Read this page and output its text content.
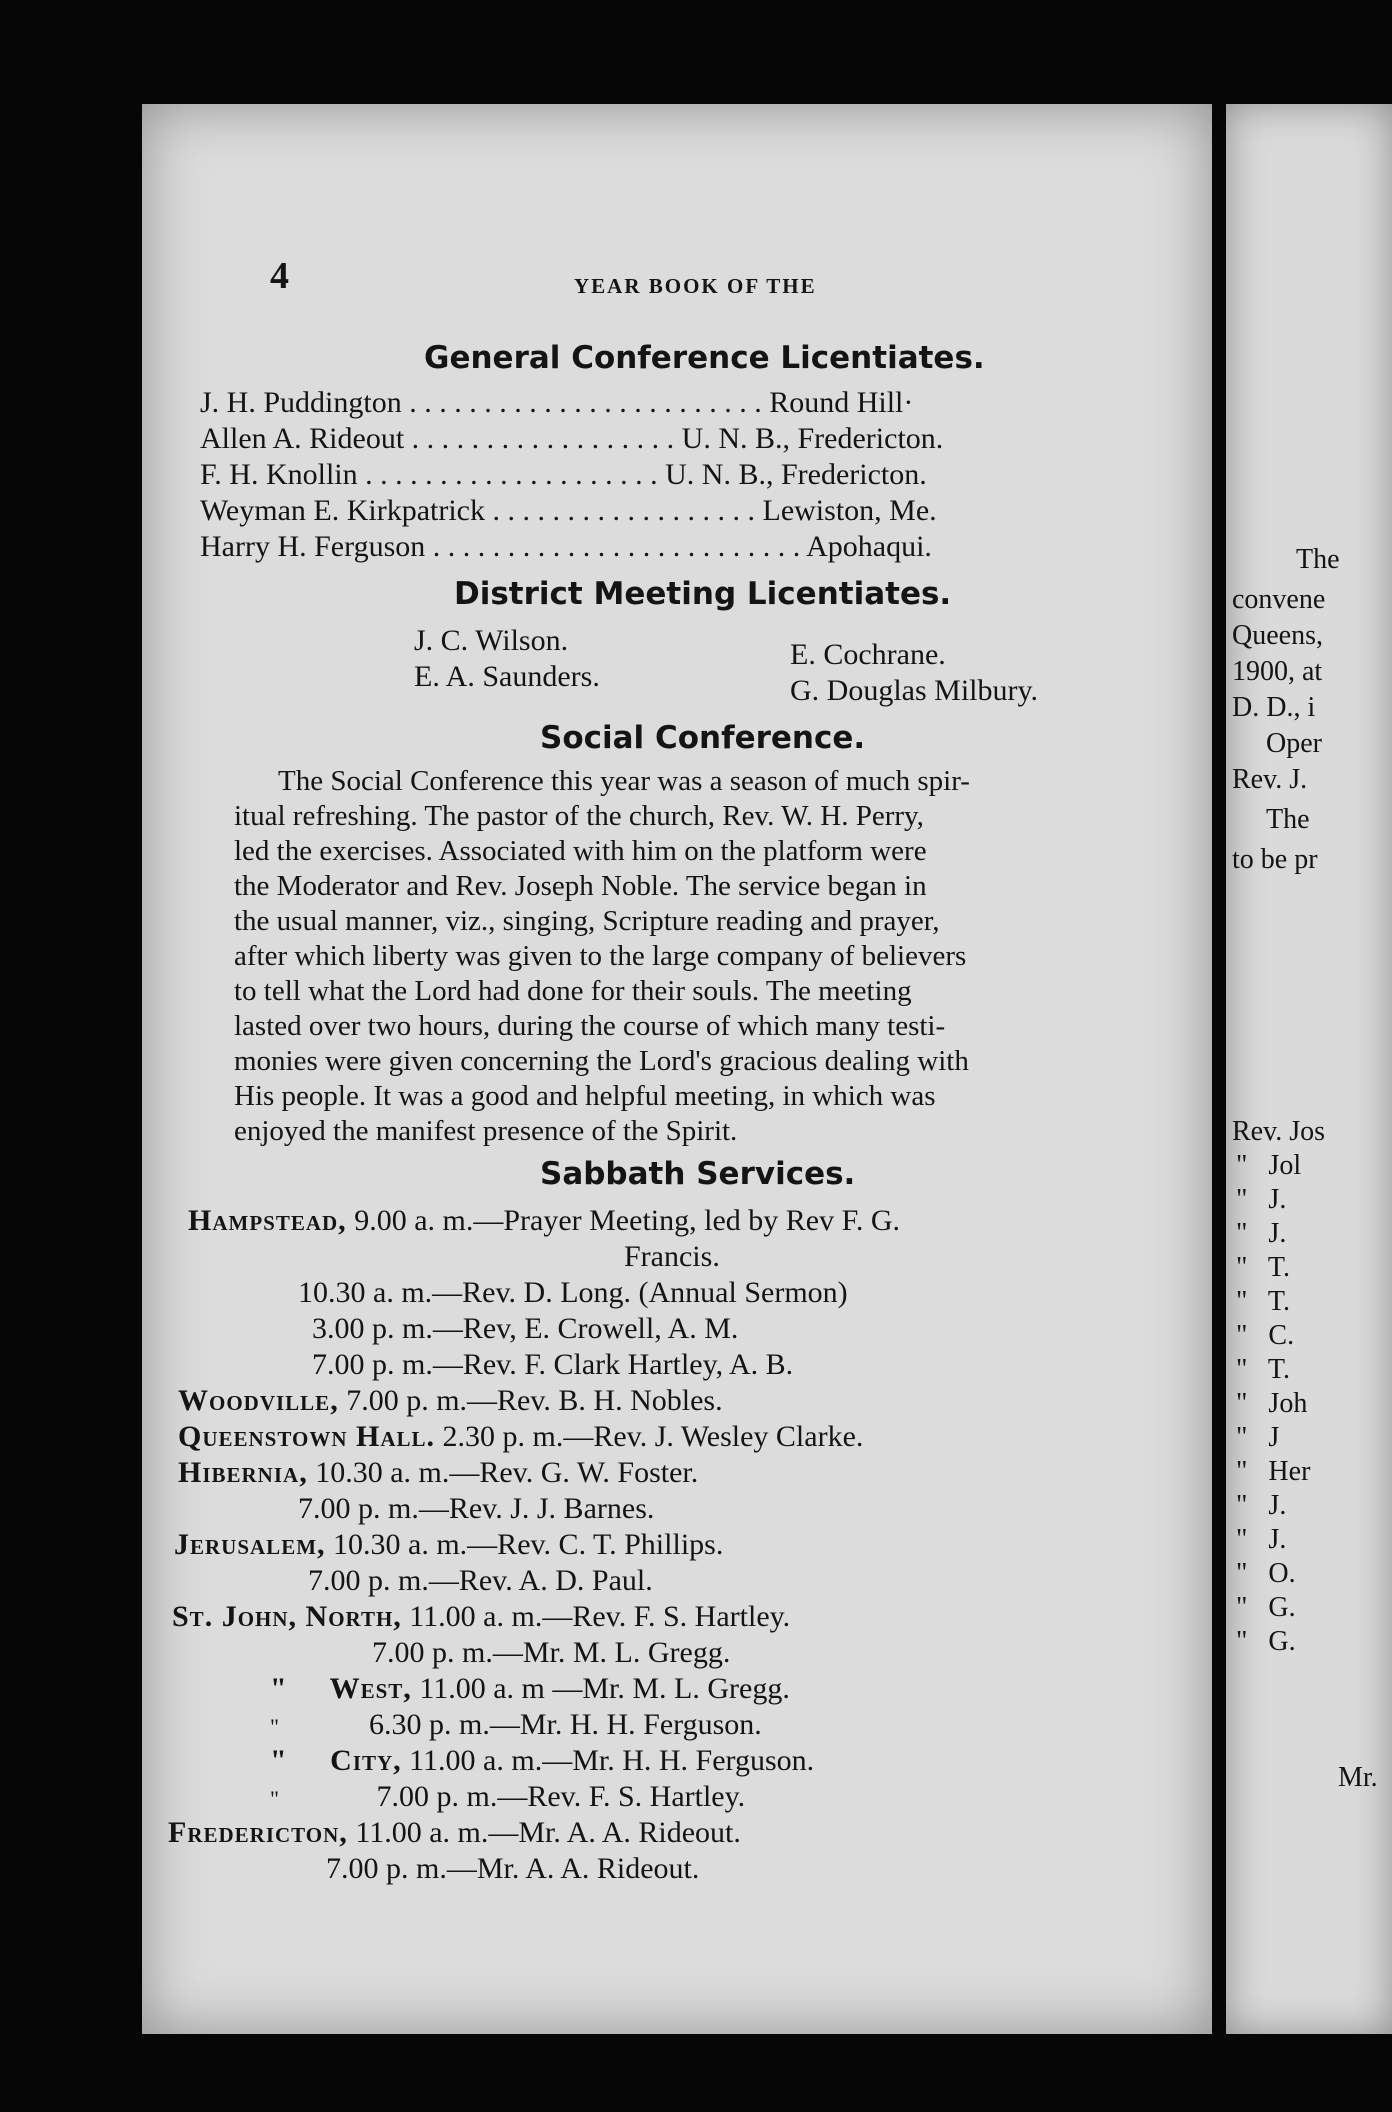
4	YEAR BOOK OF THE
General Conference Licentiates.
J. H. Puddington . . . . . . . . . . . . . . . . . . . . . . . . Round Hill·
Allen A. Rideout . . . . . . . . . . . . . . . . . . U. N. B., Fredericton.
F. H. Knollin . . . . . . . . . . . . . . . . . . . . U. N. B., Fredericton.
Weyman E. Kirkpatrick . . . . . . . . . . . . . . . . . . Lewiston, Me.
Harry H. Ferguson . . . . . . . . . . . . . . . . . . . . . . . . . Apohaqui.
District Meeting Licentiates.
J. C. Wilson.
E. A. Saunders.
E. Cochrane.
G. Douglas Milbury.
Social Conference.
The Social Conference this year was a season of much spir-
itual refreshing. The pastor of the church, Rev. W. H. Perry,
led the exercises. Associated with him on the platform were
the Moderator and Rev. Joseph Noble. The service began in
the usual manner, viz., singing, Scripture reading and prayer,
after which liberty was given to the large company of believers
to tell what the Lord had done for their souls. The meeting
lasted over two hours, during the course of which many testi-
monies were given concerning the Lord's gracious dealing with
His people. It was a good and helpful meeting, in which was
enjoyed the manifest presence of the Spirit.
Sabbath Services.
Hampstead, 9.00 a. m.—Prayer Meeting, led by Rev F. G.
Francis.
10.30 a. m.—Rev. D. Long. (Annual Sermon)
3.00 p. m.—Rev, E. Crowell, A. M.
7.00 p. m.—Rev. F. Clark Hartley, A. B.
Woodville, 7.00 p. m.—Rev. B. H. Nobles.
Queenstown Hall. 2.30 p. m.—Rev. J. Wesley Clarke.
Hibernia, 10.30 a. m.—Rev. G. W. Foster.
7.00 p. m.—Rev. J. J. Barnes.
Jerusalem, 10.30 a. m.—Rev. C. T. Phillips.
7.00 p. m.—Rev. A. D. Paul.
St. John, North, 11.00 a. m.—Rev. F. S. Hartley.
7.00 p. m.—Mr. M. L. Gregg.
"     West, 11.00 a. m —Mr. M. L. Gregg.
"	6.30 p. m.—Mr. H. H. Ferguson.
"     City, 11.00 a. m.—Mr. H. H. Ferguson.
"	7.00 p. m.—Rev. F. S. Hartley.
Fredericton, 11.00 a. m.—Mr. A. A. Rideout.
7.00 p. m.—Mr. A. A. Rideout.
The
convene
Queens,
1900, at
D. D., i
Oper
Rev. J.
The
to be pr
Rev. Jos
"   Jol
"   J.
"   J.
"   T.
"   T.
"   C.
"   T.
"   Joh
"   J
"   Her
"   J.
"   J.
"   O.
"   G.
"   G.
Mr.
